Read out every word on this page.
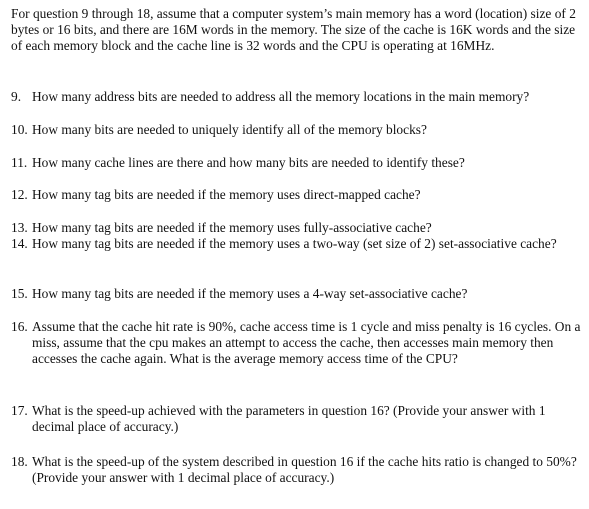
For question 9 through 18, assume that a computer system’s main memory has a word (location) size of 2 bytes or 16 bits, and there are 16M words in the memory. The size of the cache is 16K words and the size of each memory block and the cache line is 32 words and the CPU is operating at 16MHz.
9. How many address bits are needed to address all the memory locations in the main memory?
10. How many bits are needed to uniquely identify all of the memory blocks?
11. How many cache lines are there and how many bits are needed to identify these?
12. How many tag bits are needed if the memory uses direct-mapped cache?
13. How many tag bits are needed if the memory uses fully-associative cache?
14. How many tag bits are needed if the memory uses a two-way (set size of 2) set-associative cache?
15. How many tag bits are needed if the memory uses a 4-way set-associative cache?
16. Assume that the cache hit rate is 90%, cache access time is 1 cycle and miss penalty is 16 cycles. On a miss, assume that the cpu makes an attempt to access the cache, then accesses main memory then accesses the cache again. What is the average memory access time of the CPU?
17. What is the speed-up achieved with the parameters in question 16? (Provide your answer with 1 decimal place of accuracy.)
18. What is the speed-up of the system described in question 16 if the cache hits ratio is changed to 50%? (Provide your answer with 1 decimal place of accuracy.)
